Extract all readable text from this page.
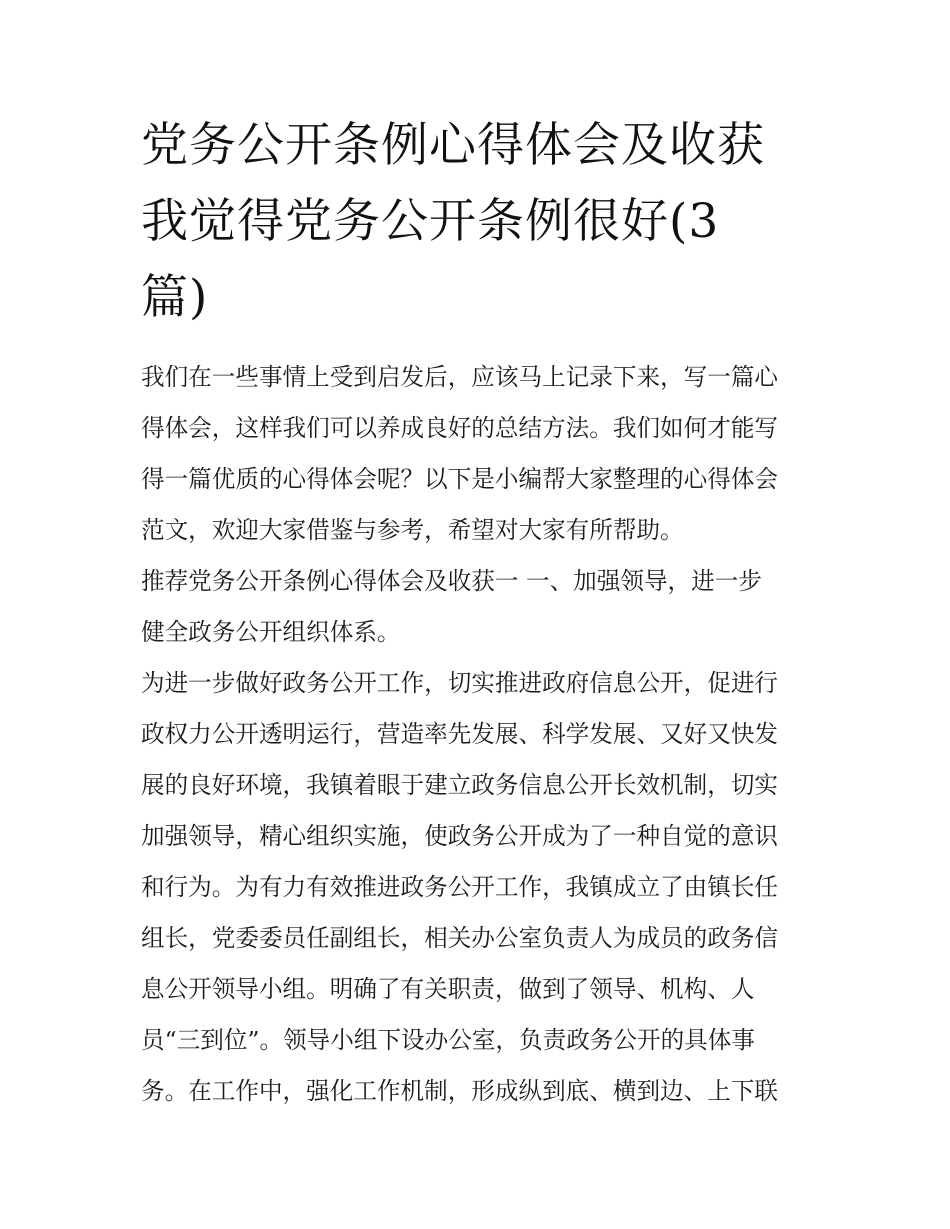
党务公开条例心得体会及收获
我觉得党务公开条例很好(3
篇)

我们在一些事情上受到启发后，应该马上记录下来，写一篇心
得体会，这样我们可以养成良好的总结方法。我们如何才能写
得一篇优质的心得体会呢？以下是小编帮大家整理的心得体会
范文，欢迎大家借鉴与参考，希望对大家有所帮助。

推荐党务公开条例心得体会及收获一 一、加强领导，进一步
健全政务公开组织体系。

为进一步做好政务公开工作，切实推进政府信息公开，促进行
政权力公开透明运行，营造率先发展、科学发展、又好又快发
展的良好环境，我镇着眼于建立政务信息公开长效机制，切实
加强领导，精心组织实施，使政务公开成为了一种自觉的意识
和行为。为有力有效推进政务公开工作，我镇成立了由镇长任
组长，党委委员任副组长，相关办公室负责人为成员的政务信
息公开领导小组。明确了有关职责，做到了领导、机构、人
员“三到位”。领导小组下设办公室，负责政务公开的具体事
务。在工作中，强化工作机制，形成纵到底、横到边、上下联
